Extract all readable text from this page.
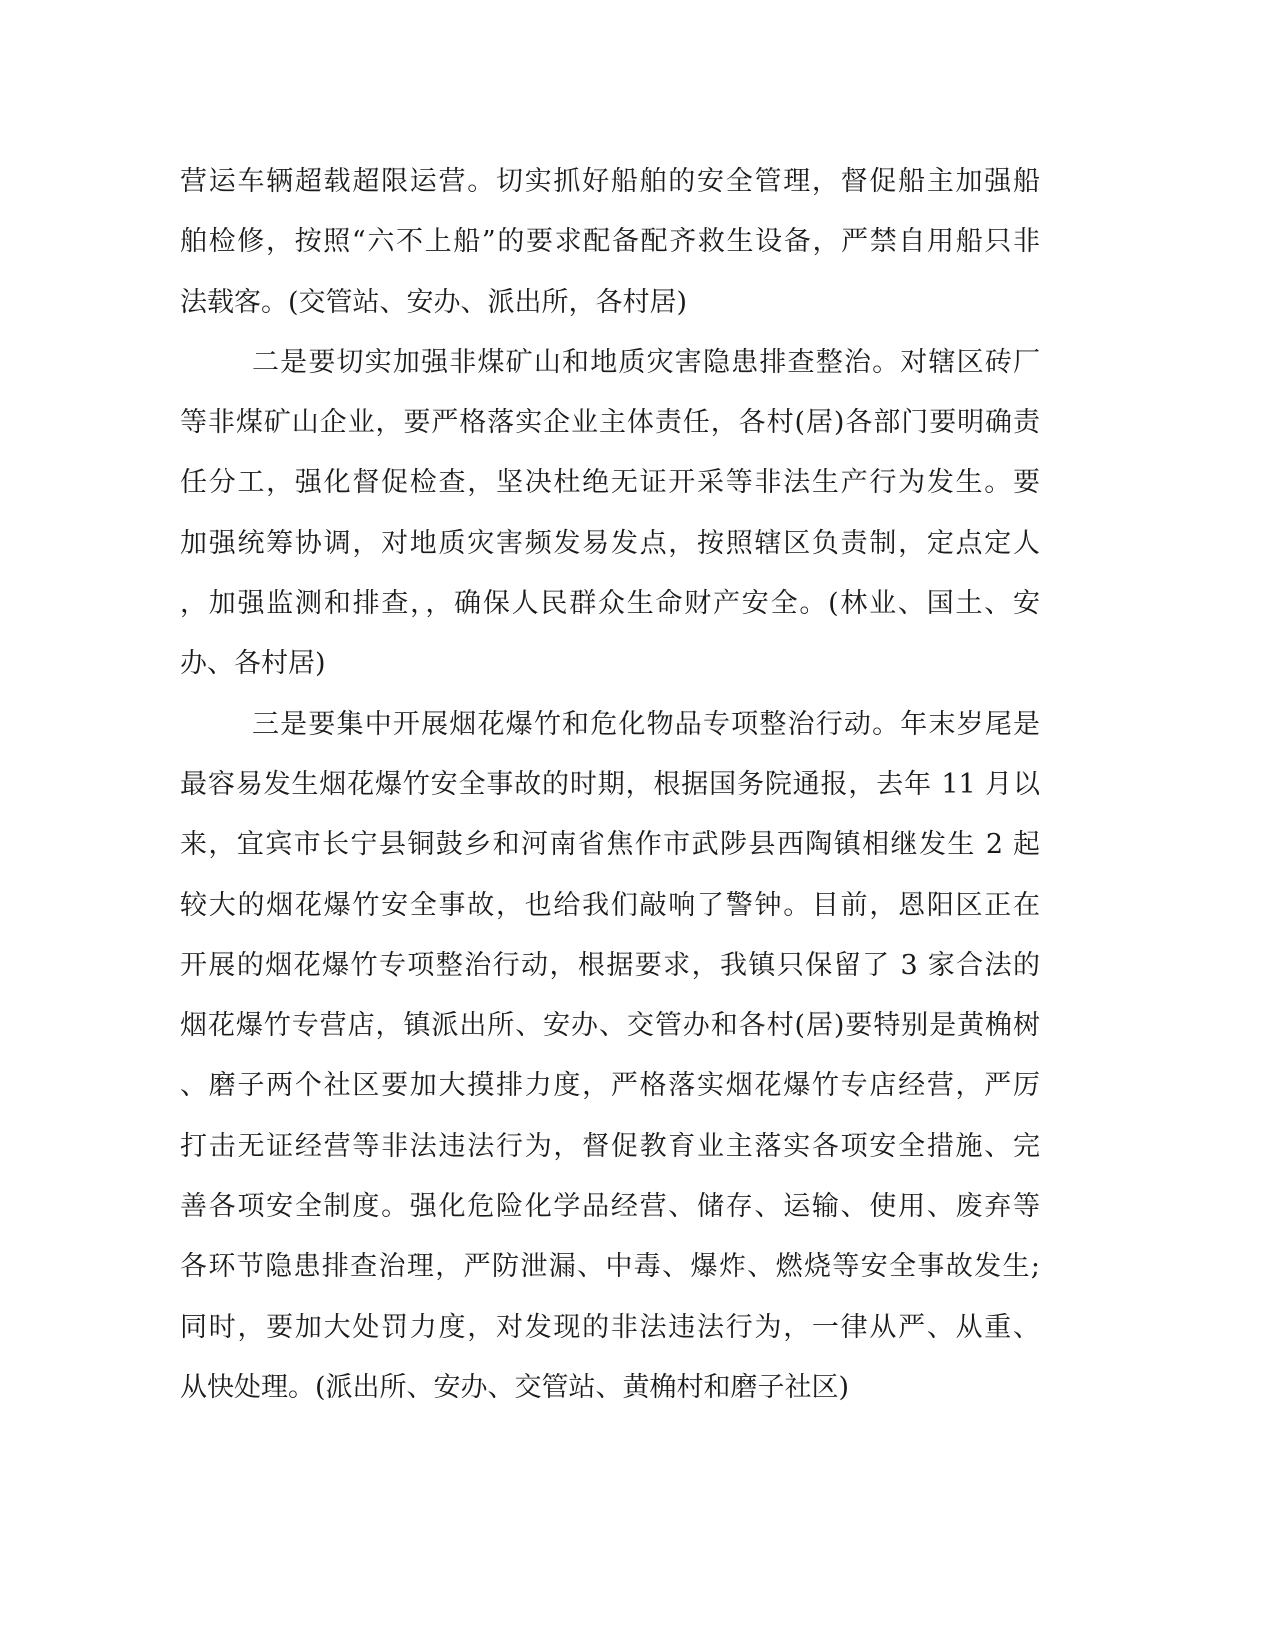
营运车辆超载超限运营。切实抓好船舶的安全管理，督促船主加强船
舶检修，按照“六不上船”的要求配备配齐救生设备，严禁自用船只非
法载客。(交管站、安办、派出所，各村居)
二是要切实加强非煤矿山和地质灾害隐患排查整治。对辖区砖厂
等非煤矿山企业，要严格落实企业主体责任，各村(居)各部门要明确责
任分工，强化督促检查，坚决杜绝无证开采等非法生产行为发生。要
加强统筹协调，对地质灾害频发易发点，按照辖区负责制，定点定人
，加强监测和排查，，确保人民群众生命财产安全。(林业、国土、安
办、各村居)
三是要集中开展烟花爆竹和危化物品专项整治行动。年末岁尾是
最容易发生烟花爆竹安全事故的时期，根据国务院通报，去年 11 月以
来，宜宾市长宁县铜鼓乡和河南省焦作市武陟县西陶镇相继发生 2 起
较大的烟花爆竹安全事故，也给我们敲响了警钟。目前，恩阳区正在
开展的烟花爆竹专项整治行动，根据要求，我镇只保留了 3 家合法的
烟花爆竹专营店，镇派出所、安办、交管办和各村(居)要特别是黄桷树
、磨子两个社区要加大摸排力度，严格落实烟花爆竹专店经营，严厉
打击无证经营等非法违法行为，督促教育业主落实各项安全措施、完
善各项安全制度。强化危险化学品经营、储存、运输、使用、废弃等
各环节隐患排查治理，严防泄漏、中毒、爆炸、燃烧等安全事故发生;
同时，要加大处罚力度，对发现的非法违法行为，一律从严、从重、
从快处理。(派出所、安办、交管站、黄桷村和磨子社区)
